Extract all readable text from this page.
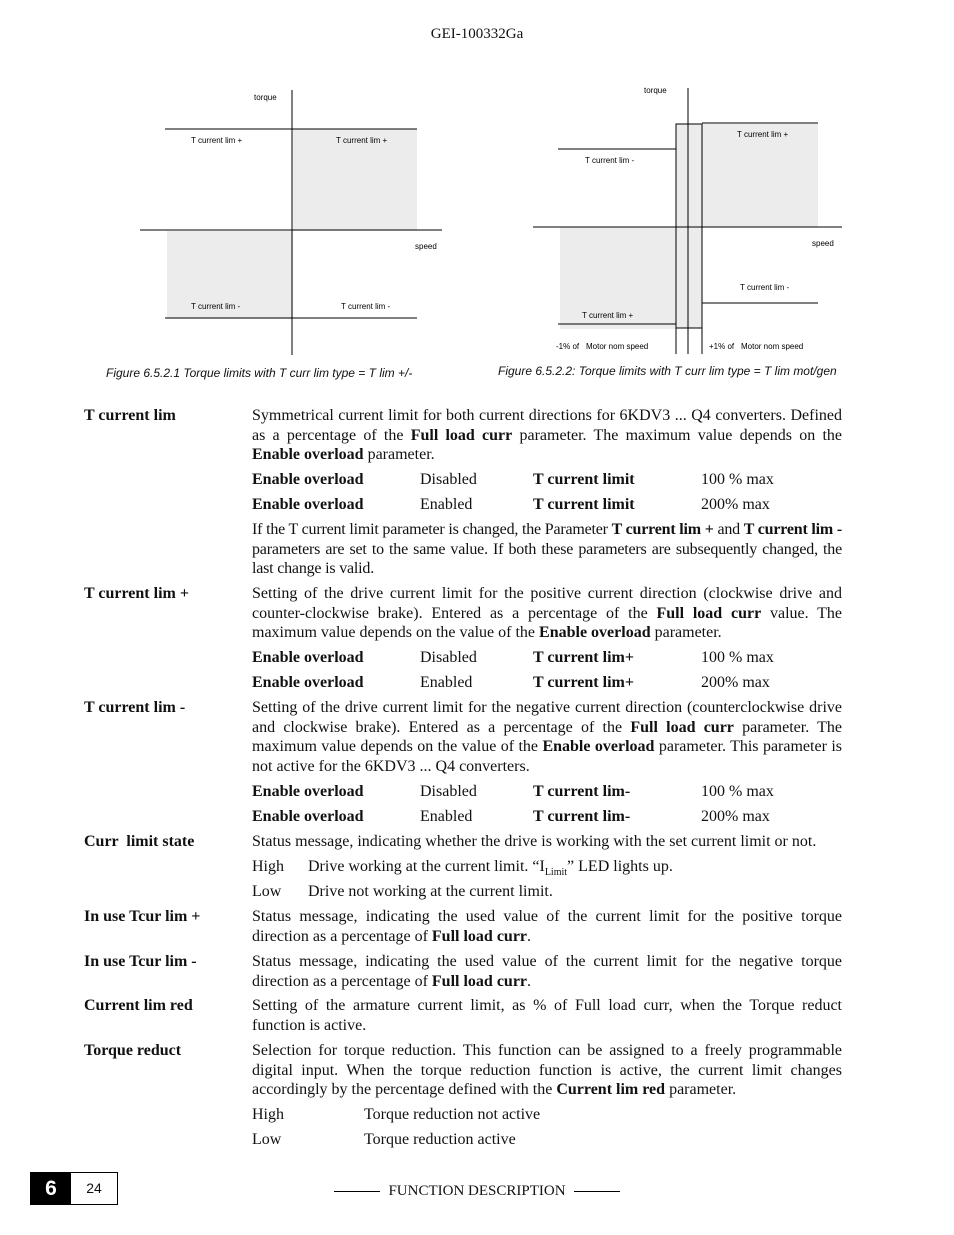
GEI-100332Ga
torque
speed
T current lim +	T current lim +
T current lim -	T current lim -
Figure 6.5.2.1 Torque limits with T curr lim type = T lim +/-
torque
speed
T current lim -
T current lim +
T current lim +
T current lim -
-1% of Motor nom speed	+1% of Motor nom speed
Figure 6.5.2.2: Torque limits with T curr lim type = T lim mot/gen
T current lim	Symmetrical current limit for both current directions for 6KDV3 ... Q4 converters. Defined as a percentage of the Full load curr parameter. The maximum value depends on the Enable overload parameter.
Enable overload	Disabled	T current limit	100 % max
Enable overload	Enabled	T current limit	200% max
If the T current limit parameter is changed, the Parameter T current lim + and T current lim - parameters are set to the same value. If both these parameters are subsequently changed, the last change is valid.
T current lim +	Setting of the drive current limit for the positive current direction (clockwise drive and counter-clockwise brake). Entered as a percentage of the Full load curr value. The maximum value depends on the value of the Enable overload parameter.
Enable overload	Disabled	T current lim+	100 % max
Enable overload	Enabled	T current lim+	200% max
T current lim -	Setting of the drive current limit for the negative current direction (counterclockwise drive and clockwise brake). Entered as a percentage of the Full load curr parameter. The maximum value depends on the value of the Enable overload parameter. This parameter is not active for the 6KDV3 ... Q4 converters.
Enable overload	Disabled	T current lim-	100 % max
Enable overload	Enabled	T current lim-	200% max
Curr  limit state	Status message, indicating whether the drive is working with the set current limit or not.
High Drive working at the current limit. “$I_{Limit}$” LED lights up.
Low Drive not working at the current limit.
In use Tcur lim +	Status message, indicating the used value of the current limit for the positive torque direction as a percentage of Full load curr.
In use Tcur lim -	Status message, indicating the used value of the current limit for the negative torque direction as a percentage of Full load curr.
Current lim red	Setting of the armature current limit, as % of Full load curr, when the Torque reduct function is active.
Torque reduct	Selection for torque reduction. This function can be assigned to a freely programmable digital input. When the torque reduction function is active, the current limit changes accordingly by the percentage defined with the Current lim red parameter.
High	Torque reduction not active
Low	Torque reduction active
6	24	FUNCTION DESCRIPTION
